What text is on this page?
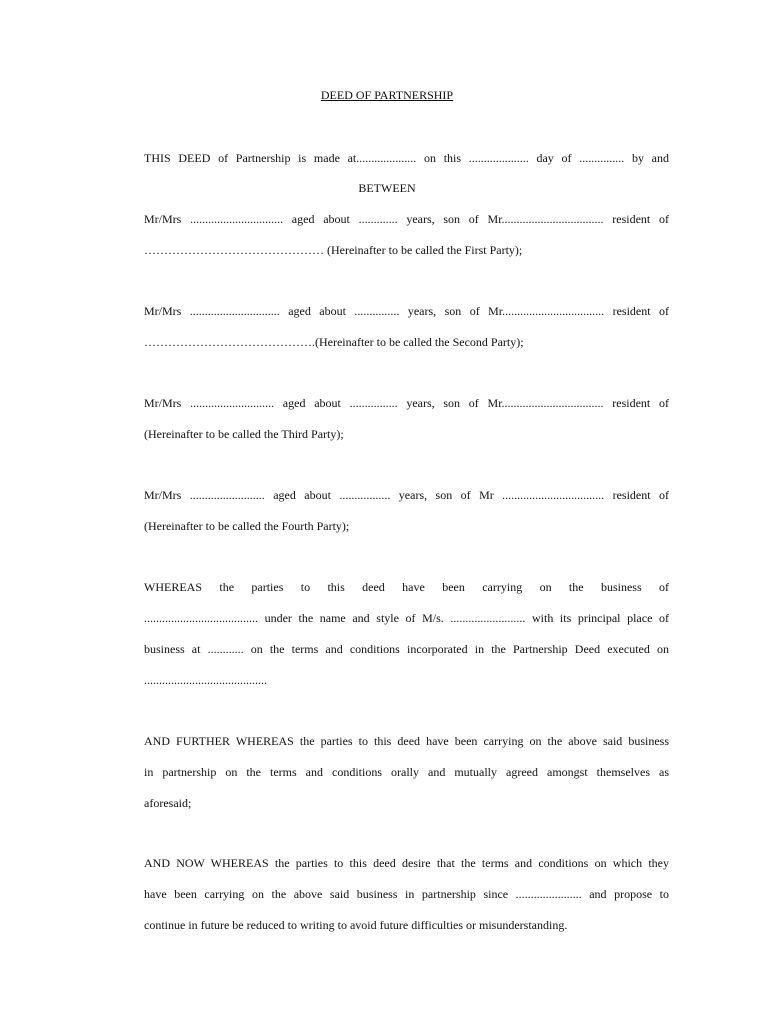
DEED OF PARTNERSHIP
THIS DEED of Partnership is made at.................... on this .................... day of ............... by and
BETWEEN
Mr/Mrs ............................... aged about ............. years, son of Mr.................................. resident of
……………………………………… (Hereinafter to be called the First Party);
Mr/Mrs .............................. aged about ............... years, son of Mr.................................. resident of
…………………………………….(Hereinafter to be called the Second Party);
Mr/Mrs ............................ aged about ................ years, son of Mr.................................. resident of
(Hereinafter to be called the Third Party);
Mr/Mrs ......................... aged about ................. years, son of Mr .................................. resident of
(Hereinafter to be called the Fourth Party);
WHEREAS the parties to this deed have been carrying on the business of
...................................... under the name and style of M/s. ......................... with its principal place of
business at ............ on the terms and conditions incorporated in the Partnership Deed executed on
.........................................
AND FURTHER WHEREAS the parties to this deed have been carrying on the above said business
in partnership on the terms and conditions orally and mutually agreed amongst themselves as
aforesaid;
AND NOW WHEREAS the parties to this deed desire that the terms and conditions on which they
have been carrying on the above said business in partnership since ...................... and propose to
continue in future be reduced to writing to avoid future difficulties or misunderstanding.
